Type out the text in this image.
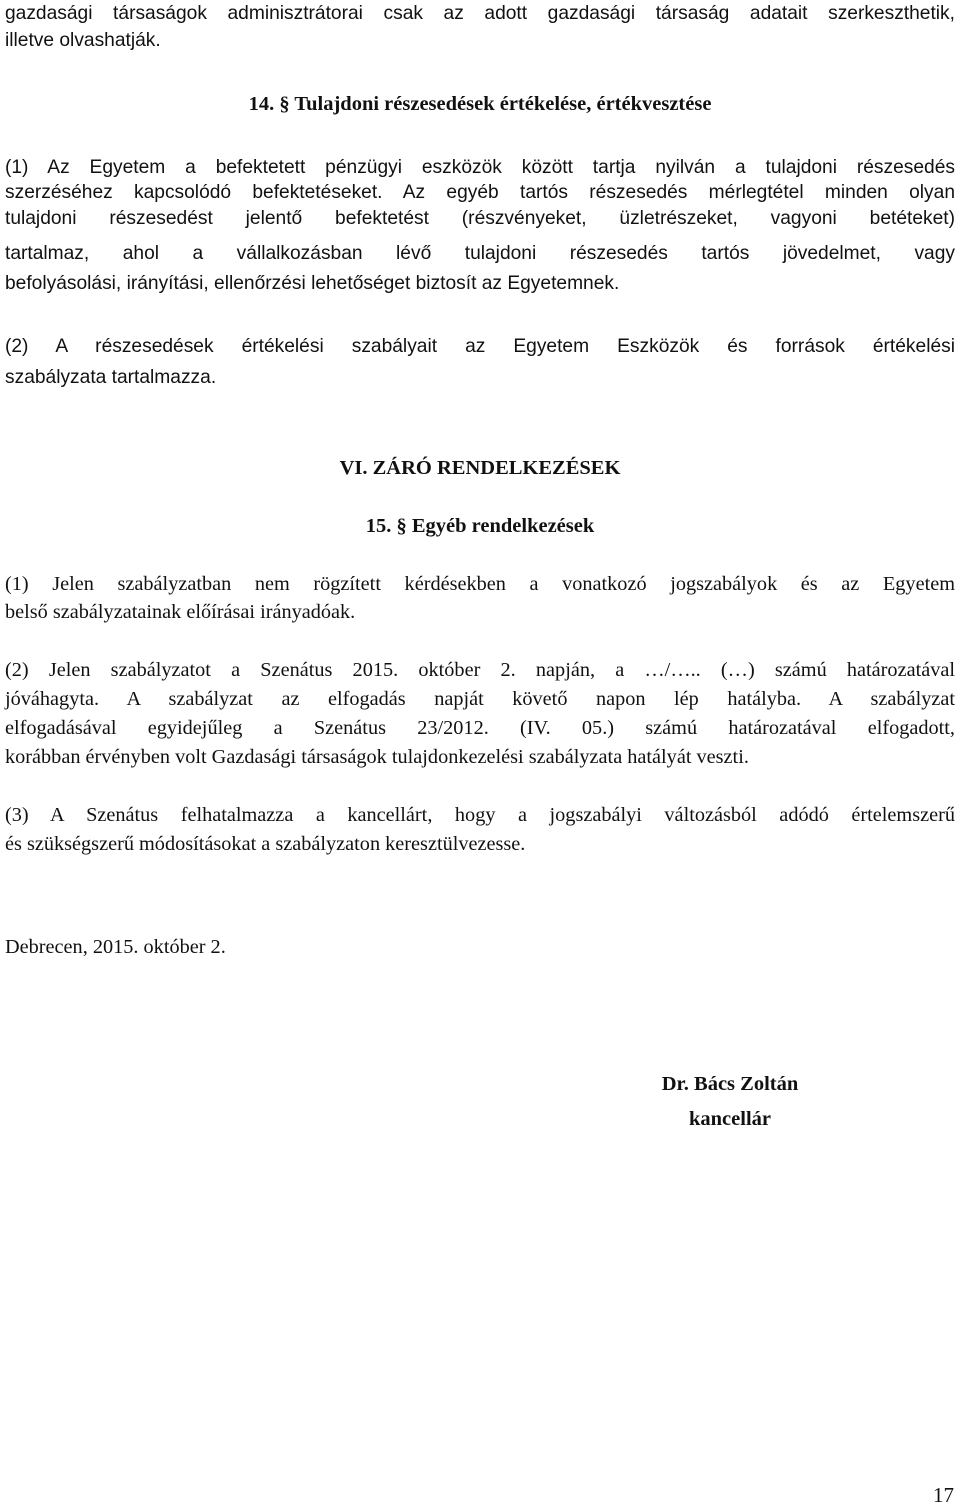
gazdasági társaságok adminisztrátorai csak az adott gazdasági társaság adatait szerkeszthetik,
illetve olvashatják.
14. § Tulajdoni részesedések értékelése, értékvesztése
(1) Az Egyetem a befektetett pénzügyi eszközök között tartja nyilván a tulajdoni részesedés
szerzéséhez kapcsolódó befektetéseket. Az egyéb tartós részesedés mérlegtétel minden olyan
tulajdoni részesedést jelentő befektetést (részvényeket, üzletrészeket, vagyoni betéteket)
tartalmaz, ahol a vállalkozásban lévő tulajdoni részesedés tartós jövedelmet, vagy
befolyásolási, irányítási, ellenőrzési lehetőséget biztosít az Egyetemnek.
(2) A részesedések értékelési szabályait az Egyetem Eszközök és források értékelési
szabályzata tartalmazza.
VI. ZÁRÓ RENDELKEZÉSEK
15. § Egyéb rendelkezések
(1) Jelen szabályzatban nem rögzített kérdésekben a vonatkozó jogszabályok és az Egyetem
belső szabályzatainak előírásai irányadóak.
(2) Jelen szabályzatot a Szenátus 2015. október 2. napján, a …/….. (…) számú határozatával
jóváhagyta. A szabályzat az elfogadás napját követő napon lép hatályba. A szabályzat
elfogadásával egyidejűleg a Szenátus 23/2012. (IV. 05.) számú határozatával elfogadott,
korábban érvényben volt Gazdasági társaságok tulajdonkezelési szabályzata hatályát veszti.
(3) A Szenátus felhatalmazza a kancellárt, hogy a jogszabályi változásból adódó értelemszerű
és szükségszerű módosításokat a szabályzaton keresztülvezesse.
Debrecen, 2015. október 2.
Dr. Bács Zoltán
kancellár
17
